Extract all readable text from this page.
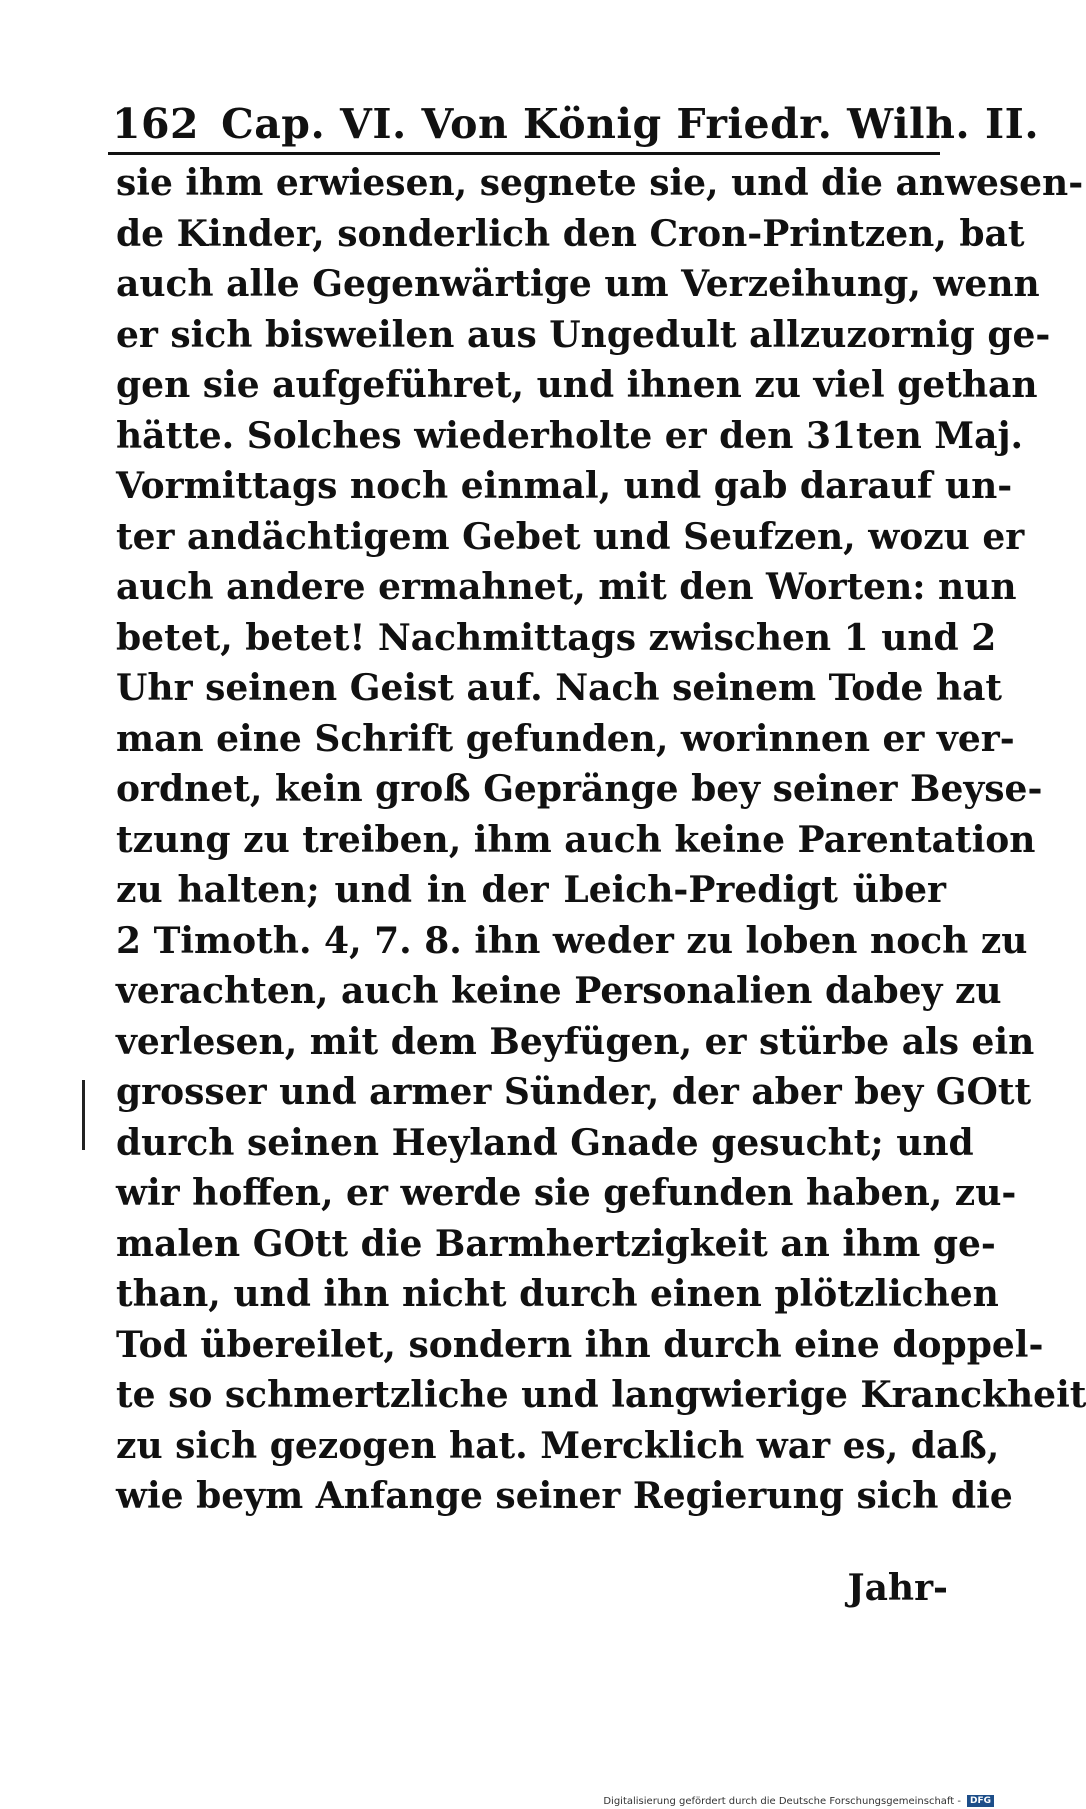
162 Cap. VI. Von König Friedr. Wilh. II.
sie ihm erwiesen, segnete sie, und die anwesen-
de Kinder, sonderlich den Cron-Printzen, bat
auch alle Gegenwärtige um Verzeihung, wenn
er sich bisweilen aus Ungedult allzuzornig ge-
gen sie aufgeführet, und ihnen zu viel gethan
hätte. Solches wiederholte er den 31ten Maj.
Vormittags noch einmal, und gab darauf un-
ter andächtigem Gebet und Seufzen, wozu er
auch andere ermahnet, mit den Worten: nun
betet, betet! Nachmittags zwischen 1 und 2
Uhr seinen Geist auf. Nach seinem Tode hat
man eine Schrift gefunden, worinnen er ver-
ordnet, kein groß Gepränge bey seiner Beyse-
tzung zu treiben, ihm auch keine Parentation
zu halten; und in der Leich-Predigt über
2 Timoth. 4, 7. 8. ihn weder zu loben noch zu
verachten, auch keine Personalien dabey zu
verlesen, mit dem Beyfügen, er stürbe als ein
grosser und armer Sünder, der aber bey GOtt
durch seinen Heyland Gnade gesucht; und
wir hoffen, er werde sie gefunden haben, zu-
malen GOtt die Barmhertzigkeit an ihm ge-
than, und ihn nicht durch einen plötzlichen
Tod übereilet, sondern ihn durch eine doppel-
te so schmertzliche und langwierige Kranckheit
zu sich gezogen hat. Mercklich war es, daß,
wie beym Anfange seiner Regierung sich die
Jahr-
Digitalisierung gefördert durch die Deutsche Forschungsgemeinschaft -	DFG
